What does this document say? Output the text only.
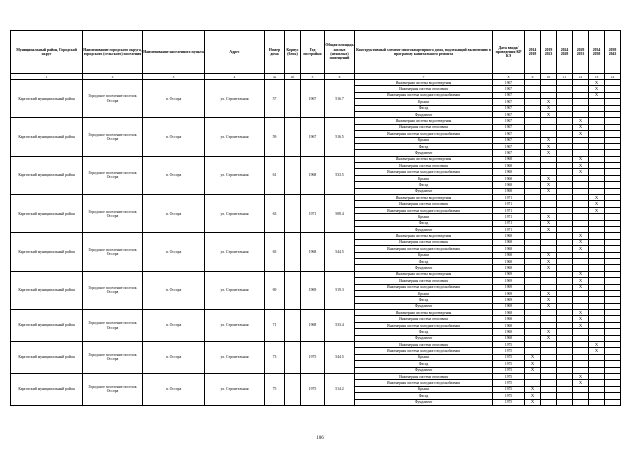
Муниципальный район, Городской округ	Наименование городского округа, городского (сельского) поселения	Наименование населенного пункта	Адрес	Номер дома	Корпус (блок)	Год постройки	Общая площадь жилых (нежилых) помещений	Конструктивный элемент многоквартирного дома, подлежащий включению в программу капитального ремонта	Дата ввода/ проведения КР КЭ	2014 2018	2019 2023	2024 2028	2029 2033	2034 2038	2039 2043
1	2	3	4	4a	4б	5	6	7	8	9	10	11	12	13	14
Каргатский муниципальный район	Городское поселение поселок Оссора	п. Оссора	ул. Строительная	57		1967	516.7	Инженерная система водоотведения	1967					X	
								Инженерная система отопления	1967					X	
								Инженерная система холодного водоснабжения	1967					X	
								Крыша	1967		X				
								Фасад	1967		X				
								Фундамент	1967		X				
Каргатский муниципальный район	Городское поселение поселок Оссора	п. Оссора	ул. Строительная	59		1967	516.5	Инженерная система водоотведения	1967				X		
								Инженерная система отопления	1967				X		
								Инженерная система холодного водоснабжения	1967				X		
								Крыша	1967		X				
								Фасад	1967		X				
								Фундамент	1967		X				
Каргатский муниципальный район	Городское поселение поселок Оссора	п. Оссора	ул. Строительная	61		1968	533.5	Инженерная система водоотведения	1968				X		
								Инженерная система отопления	1968				X		
								Инженерная система холодного водоснабжения	1968				X		
								Крыша	1968		X				
								Фасад	1968		X				
								Фундамент	1968		X				
Каргатский муниципальный район	Городское поселение поселок Оссора	п. Оссора	ул. Строительная	63		1971	508.4	Инженерная система водоотведения	1971					X	
								Инженерная система отопления	1971					X	
								Инженерная система холодного водоснабжения	1971					X	
								Крыша	1971		X				
								Фасад	1971		X				
								Фундамент	1971		X				
Каргатский муниципальный район	Городское поселение поселок Оссора	п. Оссора	ул. Строительная	65		1968	544.5	Инженерная система водоотведения	1968				X		
								Инженерная система отопления	1968				X		
								Инженерная система холодного водоснабжения	1968				X		
								Крыша	1968		X				
								Фасад	1968		X				
								Фундамент	1968		X				
Каргатский муниципальный район	Городское поселение поселок Оссора	п. Оссора	ул. Строительная	69		1969	519.3	Инженерная система водоотведения	1969				X		
								Инженерная система отопления	1969				X		
								Инженерная система холодного водоснабжения	1969				X		
								Крыша	1969		X				
								Фасад	1969		X				
								Фундамент	1969		X				
Каргатский муниципальный район	Городское поселение поселок Оссора	п. Оссора	ул. Строительная	71		1968	533.4	Инженерная система водоотведения	1968				X		
								Инженерная система отопления	1968				X		
								Инженерная система холодного водоснабжения	1968				X		
								Фасад	1968		X				
								Фундамент	1968		X				
Каргатский муниципальный район	Городское поселение поселок Оссора	п. Оссора	ул. Строительная	73		1975	544.5	Инженерная система отопления	1975					X	
								Инженерная система холодного водоснабжения	1975					X	
								Крыша	1975	X					
								Фасад	1975	X					
								Фундамент	1975	X					
Каргатский муниципальный район	Городское поселение поселок Оссора	п. Оссора	ул. Строительная	75		1975	514.2	Инженерная система отопления	1975				X		
								Инженерная система холодного водоснабжения	1975				X		
								Крыша	1975	X					
								Фасад	1975	X					
								Фундамент	1975	X					
106
